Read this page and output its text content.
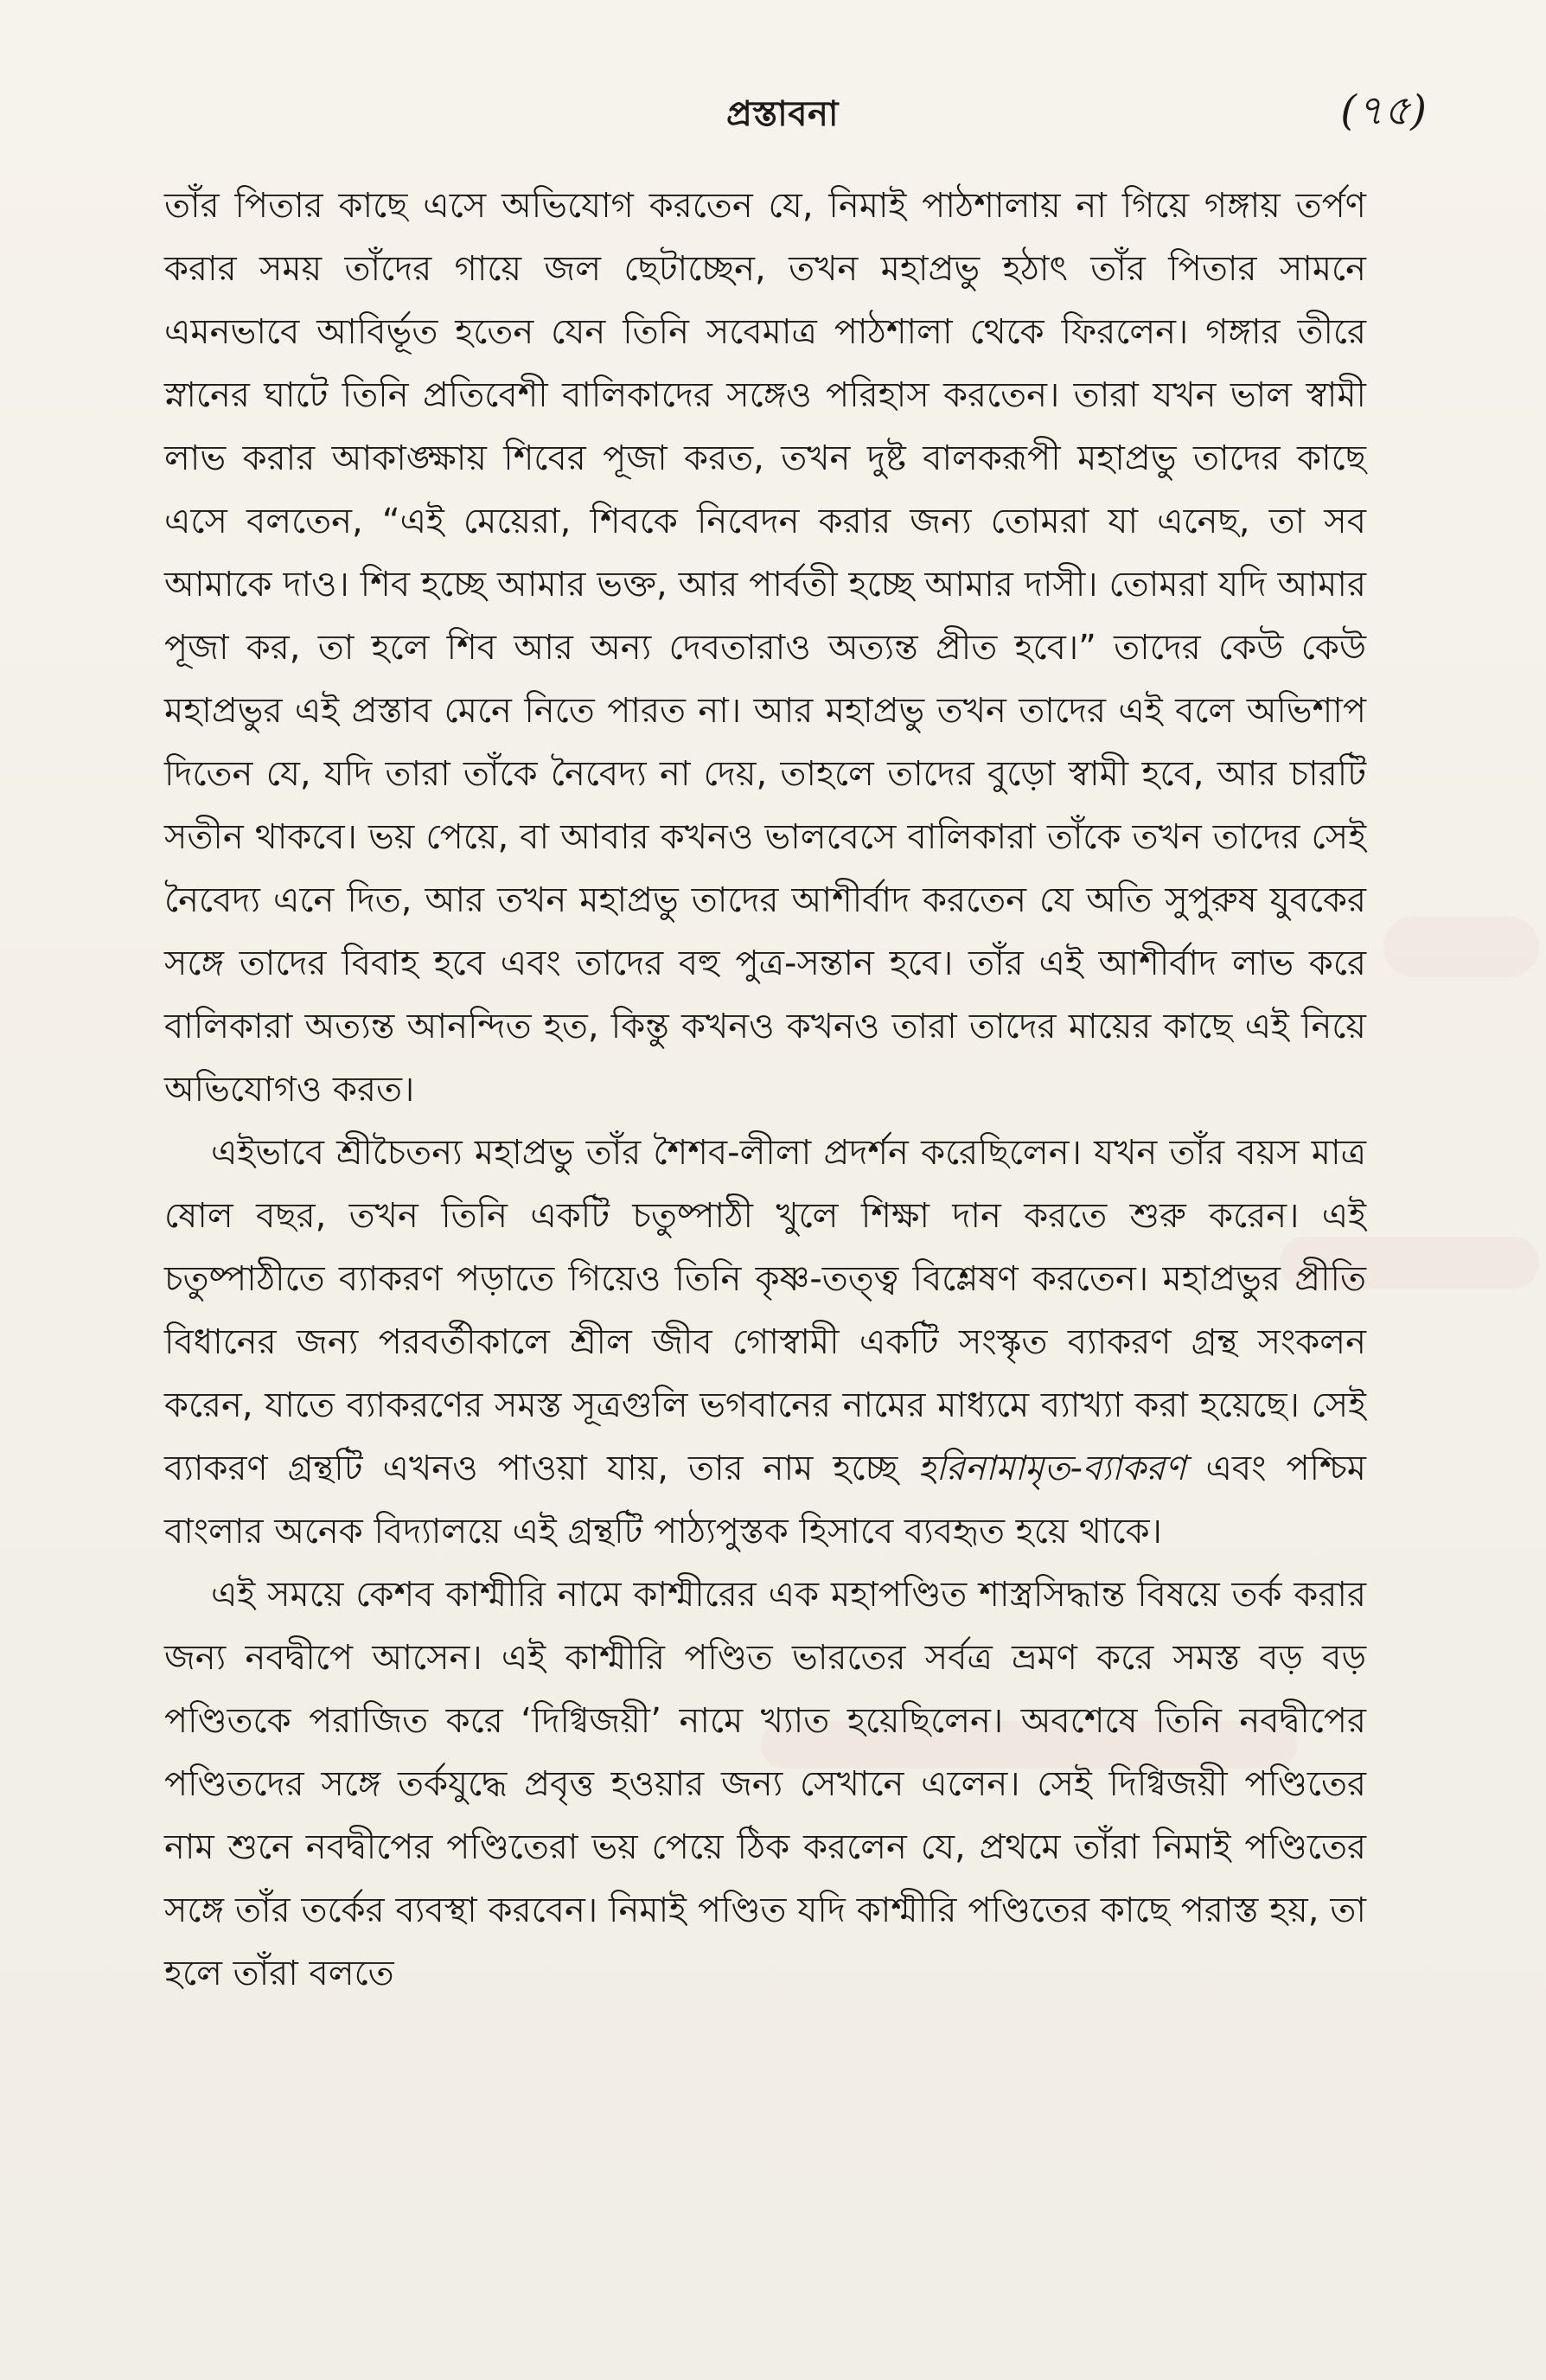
প্রস্তাবনা	(৭৫)

তাঁর পিতার কাছে এসে অভিযোগ করতেন যে, নিমাই পাঠশালায় না গিয়ে গঙ্গায় তর্পণ করার সময় তাঁদের গায়ে জল ছেটাচ্ছেন, তখন মহাপ্রভু হঠাৎ তাঁর পিতার সামনে এমনভাবে আবির্ভূত হতেন যেন তিনি সবেমাত্র পাঠশালা থেকে ফিরলেন। গঙ্গার তীরে স্নানের ঘাটে তিনি প্রতিবেশী বালিকাদের সঙ্গেও পরিহাস করতেন। তারা যখন ভাল স্বামী লাভ করার আকাঙ্ক্ষায় শিবের পূজা করত, তখন দুষ্ট বালকরূপী মহাপ্রভু তাদের কাছে এসে বলতেন, “এই মেয়েরা, শিবকে নিবেদন করার জন্য তোমরা যা এনেছ, তা সব আমাকে দাও। শিব হচ্ছে আমার ভক্ত, আর পার্বতী হচ্ছে আমার দাসী। তোমরা যদি আমার পূজা কর, তা হলে শিব আর অন্য দেবতারাও অত্যন্ত প্রীত হবে।” তাদের কেউ কেউ মহাপ্রভুর এই প্রস্তাব মেনে নিতে পারত না। আর মহাপ্রভু তখন তাদের এই বলে অভিশাপ দিতেন যে, যদি তারা তাঁকে নৈবেদ্য না দেয়, তাহলে তাদের বুড়ো স্বামী হবে, আর চারটি সতীন থাকবে। ভয় পেয়ে, বা আবার কখনও ভালবেসে বালিকারা তাঁকে তখন তাদের সেই নৈবেদ্য এনে দিত, আর তখন মহাপ্রভু তাদের আশীর্বাদ করতেন যে অতি সুপুরুষ যুবকের সঙ্গে তাদের বিবাহ হবে এবং তাদের বহু পুত্র-সন্তান হবে। তাঁর এই আশীর্বাদ লাভ করে বালিকারা অত্যন্ত আনন্দিত হত, কিন্তু কখনও কখনও তারা তাদের মায়ের কাছে এই নিয়ে অভিযোগও করত।

এইভাবে শ্রীচৈতন্য মহাপ্রভু তাঁর শৈশব-লীলা প্রদর্শন করেছিলেন। যখন তাঁর বয়স মাত্র ষোল বছর, তখন তিনি একটি চতুষ্পাঠী খুলে শিক্ষা দান করতে শুরু করেন। এই চতুষ্পাঠীতে ব্যাকরণ পড়াতে গিয়েও তিনি কৃষ্ণ-তত্ত্ব বিশ্লেষণ করতেন। মহাপ্রভুর প্রীতি বিধানের জন্য পরবর্তীকালে শ্রীল জীব গোস্বামী একটি সংস্কৃত ব্যাকরণ গ্রন্থ সংকলন করেন, যাতে ব্যাকরণের সমস্ত সূত্রগুলি ভগবানের নামের মাধ্যমে ব্যাখ্যা করা হয়েছে। সেই ব্যাকরণ গ্রন্থটি এখনও পাওয়া যায়, তার নাম হচ্ছে হরিনামামৃত-ব্যাকরণ এবং পশ্চিম বাংলার অনেক বিদ্যালয়ে এই গ্রন্থটি পাঠ্যপুস্তক হিসাবে ব্যবহৃত হয়ে থাকে।

এই সময়ে কেশব কাশ্মীরি নামে কাশ্মীরের এক মহাপণ্ডিত শাস্ত্রসিদ্ধান্ত বিষয়ে তর্ক করার জন্য নবদ্বীপে আসেন। এই কাশ্মীরি পণ্ডিত ভারতের সর্বত্র ভ্রমণ করে সমস্ত বড় বড় পণ্ডিতকে পরাজিত করে ‘দিগ্বিজয়ী’ নামে খ্যাত হয়েছিলেন। অবশেষে তিনি নবদ্বীপের পণ্ডিতদের সঙ্গে তর্কযুদ্ধে প্রবৃত্ত হওয়ার জন্য সেখানে এলেন। সেই দিগ্বিজয়ী পণ্ডিতের নাম শুনে নবদ্বীপের পণ্ডিতেরা ভয় পেয়ে ঠিক করলেন যে, প্রথমে তাঁরা নিমাই পণ্ডিতের সঙ্গে তাঁর তর্কের ব্যবস্থা করবেন। নিমাই পণ্ডিত যদি কাশ্মীরি পণ্ডিতের কাছে পরাস্ত হয়, তা হলে তাঁরা বলতে
